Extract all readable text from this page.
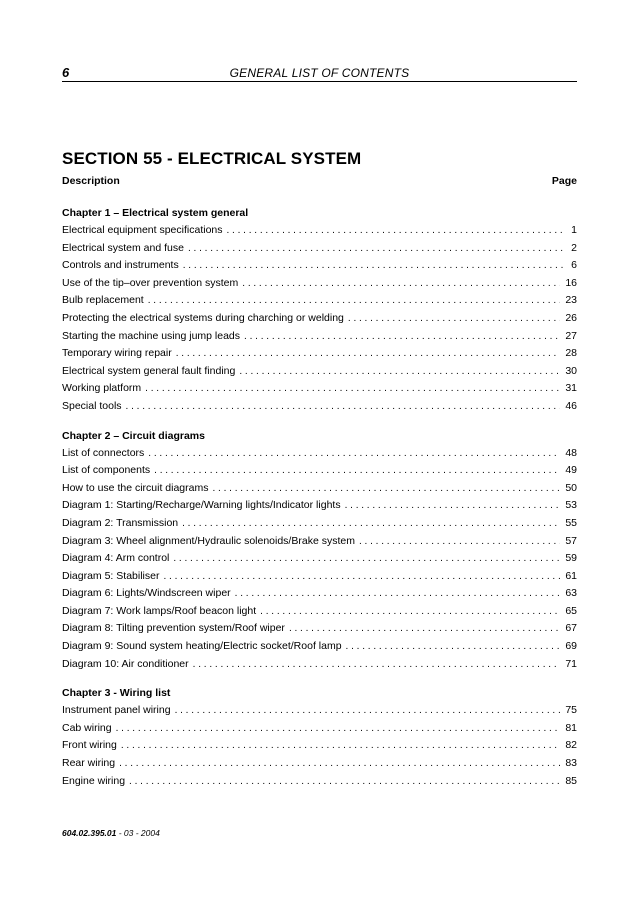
6	GENERAL LIST OF CONTENTS
SECTION 55 - ELECTRICAL SYSTEM
Description	Page
Chapter 1 – Electrical system general
Electrical equipment specifications . . .	1
Electrical system and fuse . . .	2
Controls and instruments . . .	6
Use of the tip–over prevention system . . .	16
Bulb replacement . . .	23
Protecting the electrical systems during charching or welding . . .	26
Starting the machine using jump leads . . .	27
Temporary wiring repair . . .	28
Electrical system general fault finding . . .	30
Working platform . . .	31
Special tools . . .	46
Chapter 2 – Circuit diagrams
List of connectors . . .	48
List of components . . .	49
How to use the circuit diagrams . . .	50
Diagram 1: Starting/Recharge/Warning lights/Indicator lights . . .	53
Diagram 2: Transmission . . .	55
Diagram 3: Wheel alignment/Hydraulic solenoids/Brake system . . .	57
Diagram 4: Arm control . . .	59
Diagram 5: Stabiliser . . .	61
Diagram 6: Lights/Windscreen wiper . . .	63
Diagram 7: Work lamps/Roof beacon light . . .	65
Diagram 8: Tilting prevention system/Roof wiper . . .	67
Diagram 9: Sound system heating/Electric socket/Roof lamp . . .	69
Diagram 10: Air conditioner . . .	71
Chapter 3 - Wiring list
Instrument panel wiring . . .	75
Cab wiring . . .	81
Front wiring . . .	82
Rear wiring . . .	83
Engine wiring . . .	85
604.02.395.01 - 03 - 2004
